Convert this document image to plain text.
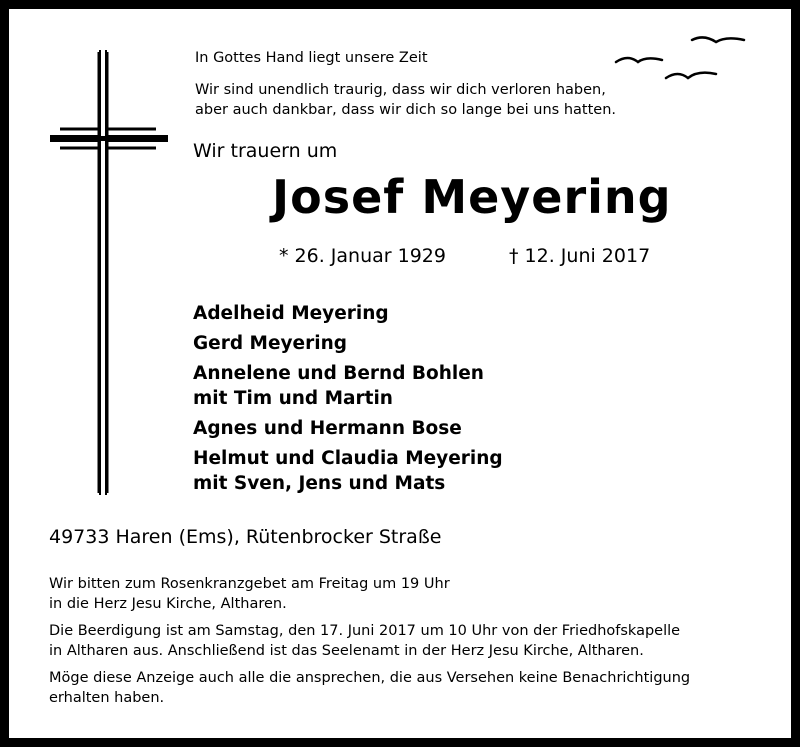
In Gottes Hand liegt unsere Zeit
Wir sind unendlich traurig, dass wir dich verloren haben,
aber auch dankbar, dass wir dich so lange bei uns hatten.
Wir trauern um
Josef Meyering
* 26. Januar 1929	† 12. Juni 2017
Adelheid Meyering
Gerd Meyering
Annelene und Bernd Bohlen
mit Tim und Martin
Agnes und Hermann Bose
Helmut und Claudia Meyering
mit Sven, Jens und Mats
49733 Haren (Ems), Rütenbrocker Straße
Wir bitten zum Rosenkranzgebet am Freitag um 19 Uhr
in die Herz Jesu Kirche, Altharen.
Die Beerdigung ist am Samstag, den 17. Juni 2017 um 10 Uhr von der Friedhofskapelle
in Altharen aus. Anschließend ist das Seelenamt in der Herz Jesu Kirche, Altharen.
Möge diese Anzeige auch alle die ansprechen, die aus Versehen keine Benachrichtigung
erhalten haben.
